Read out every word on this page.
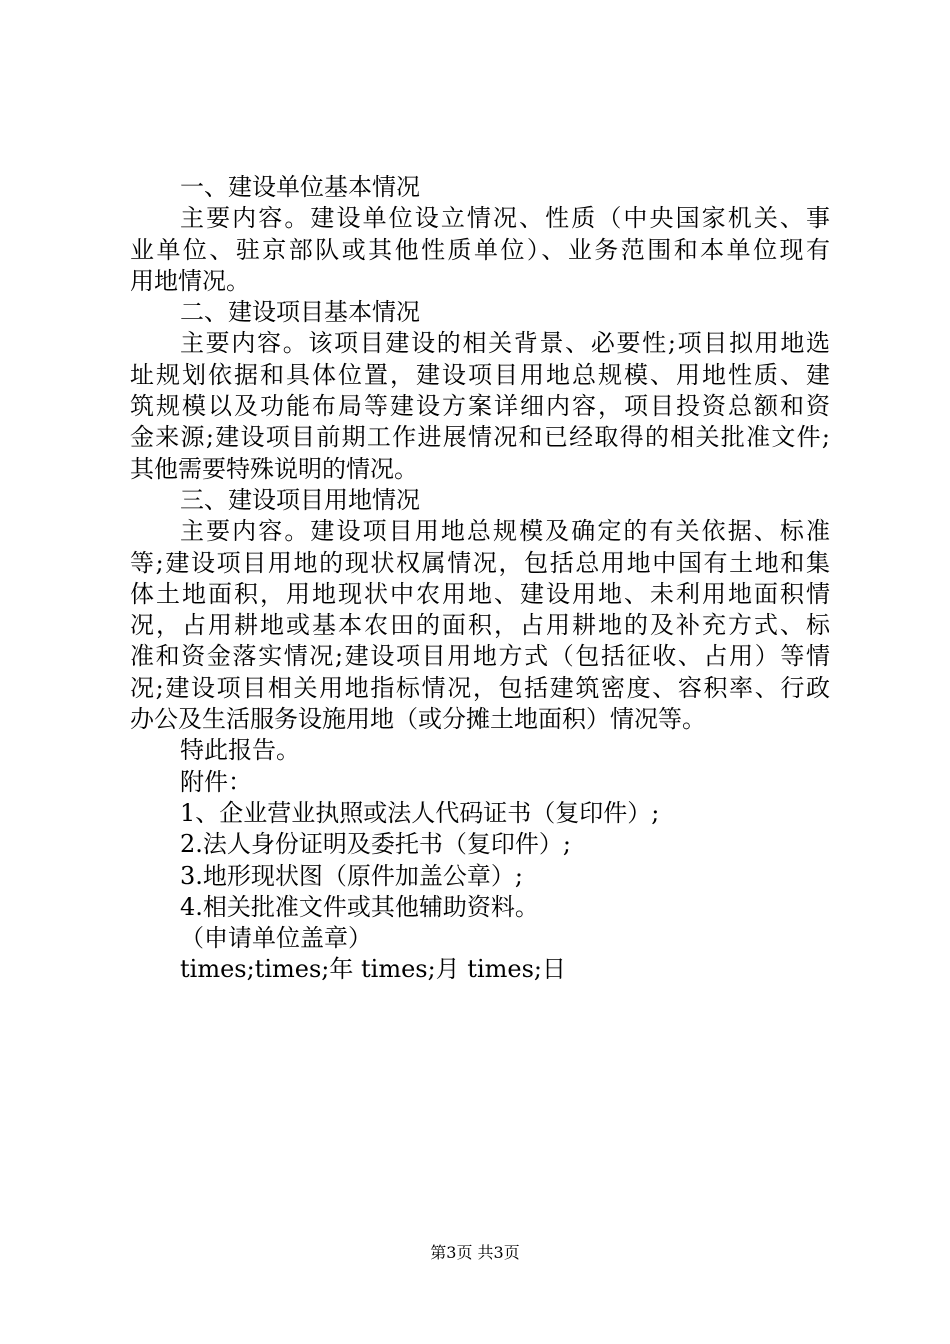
一、建设单位基本情况
主要内容。建设单位设立情况、性质（中央国家机关、事
业单位、驻京部队或其他性质单位）、业务范围和本单位现有
用地情况。
二、建设项目基本情况
主要内容。该项目建设的相关背景、必要性;项目拟用地选
址规划依据和具体位置，建设项目用地总规模、用地性质、建
筑规模以及功能布局等建设方案详细内容，项目投资总额和资
金来源;建设项目前期工作进展情况和已经取得的相关批准文件;
其他需要特殊说明的情况。
三、建设项目用地情况
主要内容。建设项目用地总规模及确定的有关依据、标准
等;建设项目用地的现状权属情况，包括总用地中国有土地和集
体土地面积，用地现状中农用地、建设用地、未利用地面积情
况，占用耕地或基本农田的面积，占用耕地的及补充方式、标
准和资金落实情况;建设项目用地方式（包括征收、占用）等情
况;建设项目相关用地指标情况，包括建筑密度、容积率、行政
办公及生活服务设施用地（或分摊土地面积）情况等。
特此报告。
附件：
1、企业营业执照或法人代码证书（复印件）;
2.法人身份证明及委托书（复印件）;
3.地形现状图（原件加盖公章）;
4.相关批准文件或其他辅助资料。
（申请单位盖章）
times;times;年 times;月 times;日
第3页 共3页
